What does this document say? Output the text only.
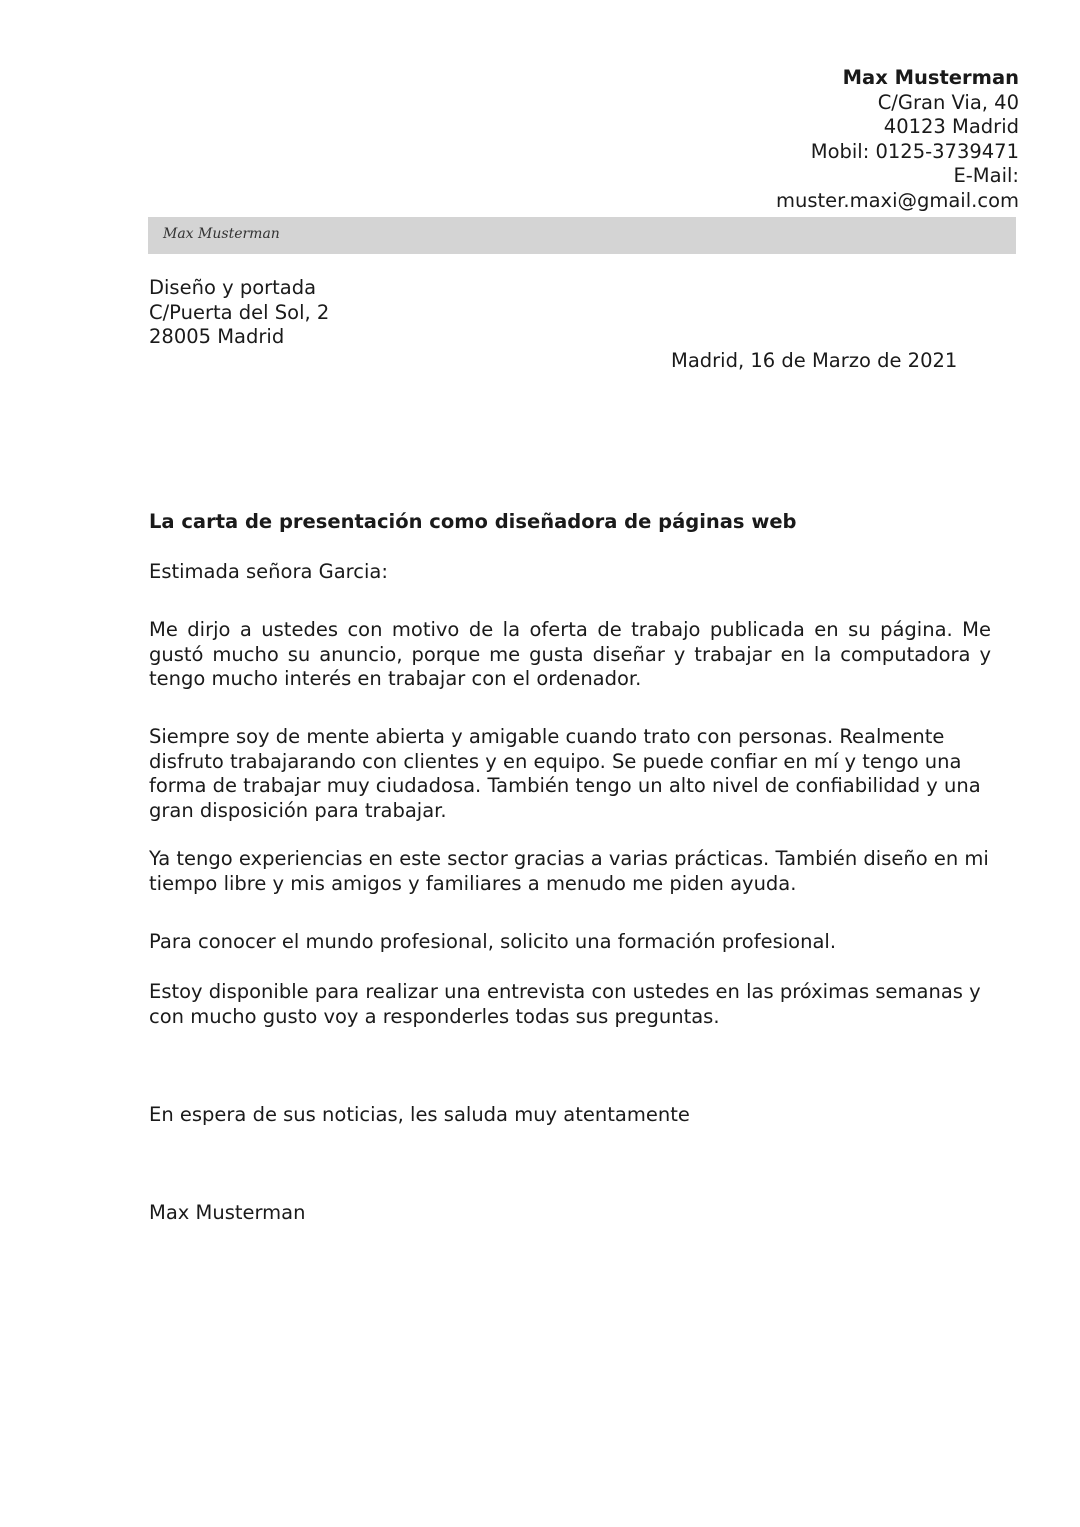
Max Musterman
C/Gran Via, 40
40123 Madrid
Mobil: 0125-3739471
E-Mail:
muster.maxi@gmail.com
Max Musterman
Diseño y portada
C/Puerta del Sol, 2
28005 Madrid
Madrid, 16 de Marzo de 2021
La carta de presentación como diseñadora de páginas web
Estimada señora Garcia:

Me dirjo a ustedes con motivo de la oferta de trabajo publicada en su página. Me gustó mucho su anuncio, porque me gusta diseñar y trabajar en la computadora y tengo mucho interés en trabajar con el ordenador.

Siempre soy de mente abierta y amigable cuando trato con personas. Realmente
disfruto trabajarando con clientes y en equipo. Se puede confiar en mí y tengo una
forma de trabajar muy ciudadosa. También tengo un alto nivel de confiabilidad y una
gran disposición para trabajar.

Ya tengo experiencias en este sector gracias a varias prácticas. También diseño en mi
tiempo libre y mis amigos y familiares a menudo me piden ayuda.

Para conocer el mundo profesional, solicito una formación profesional.

Estoy disponible para realizar una entrevista con ustedes en las próximas semanas y
con mucho gusto voy a responderles todas sus preguntas.

En espera de sus noticias, les saluda muy atentamente
Max Musterman
